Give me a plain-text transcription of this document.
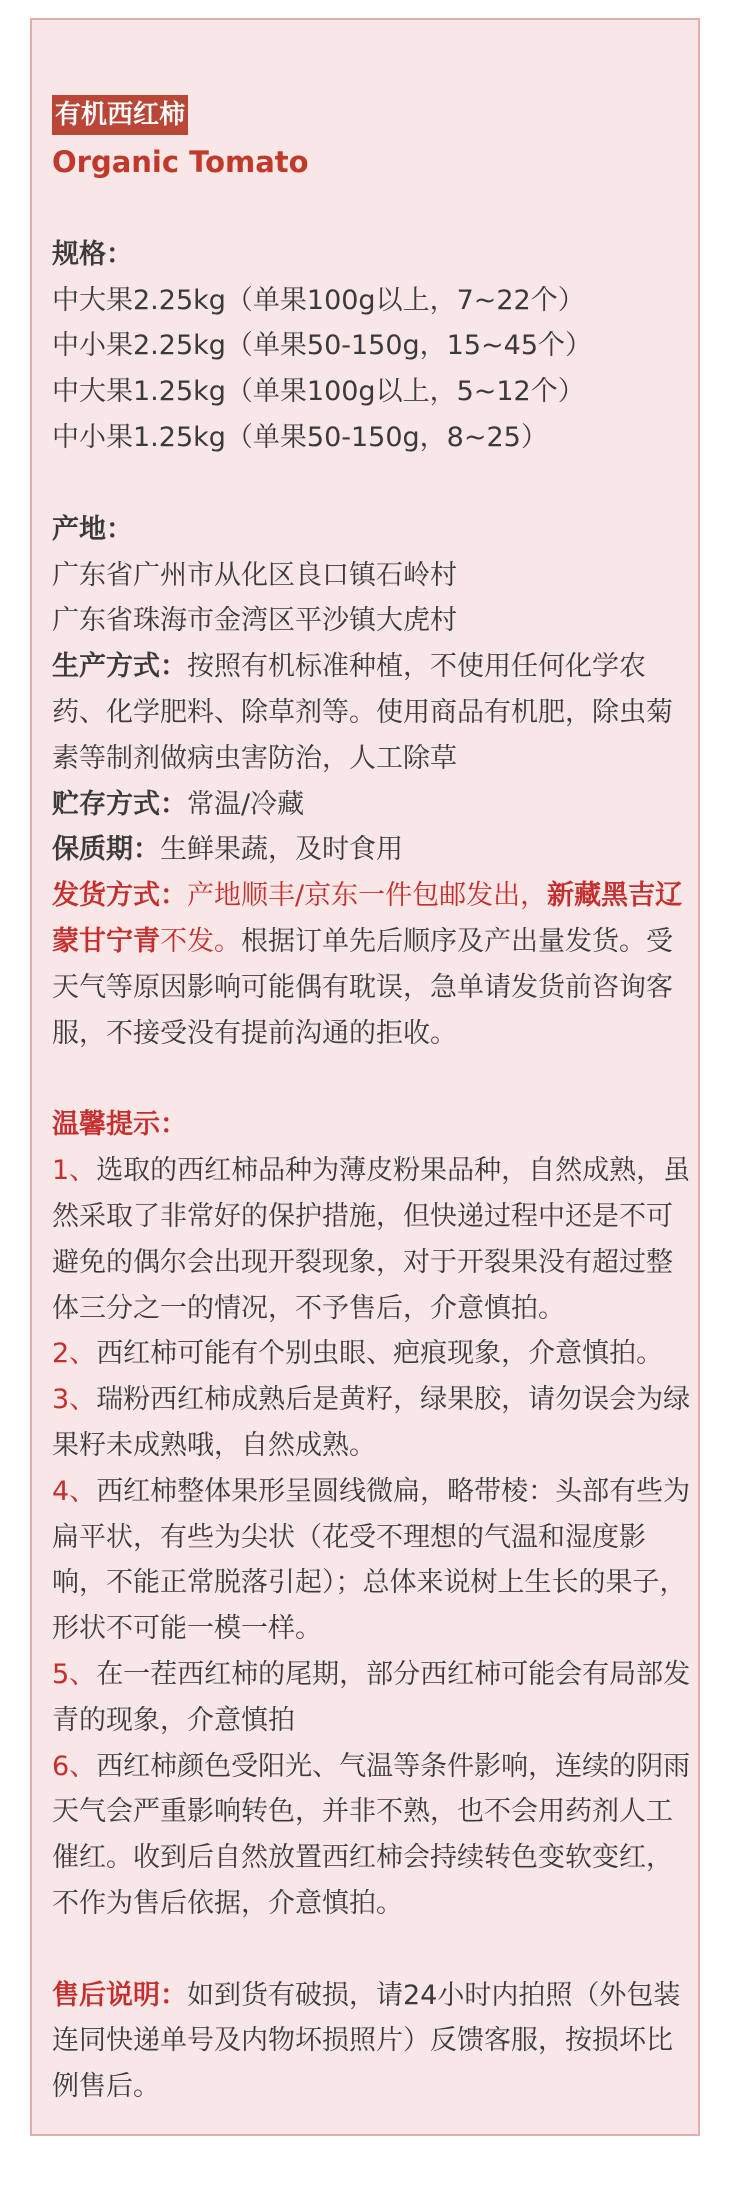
有机西红柿
Organic Tomato

规格：

中大果2.25kg（单果100g以上，7~22个）

中小果2.25kg（单果50-150g，15~45个）

中大果1.25kg（单果100g以上，5~12个）

中小果1.25kg（单果50-150g，8~25）

产地：

广东省广州市从化区良口镇石岭村

广东省珠海市金湾区平沙镇大虎村

生产方式：按照有机标准种植，不使用任何化学农药、化学肥料、除草剂等。使用商品有机肥，除虫菊素等制剂做病虫害防治，人工除草

贮存方式：常温/冷藏

保质期：生鲜果蔬，及时食用

发货方式：产地顺丰/京东一件包邮发出，新藏黑吉辽蒙甘宁青不发。根据订单先后顺序及产出量发货。受天气等原因影响可能偶有耽误，急单请发货前咨询客服，不接受没有提前沟通的拒收。

温馨提示：

1、选取的西红柿品种为薄皮粉果品种，自然成熟，虽然采取了非常好的保护措施，但快递过程中还是不可避免的偶尔会出现开裂现象，对于开裂果没有超过整体三分之一的情况，不予售后，介意慎拍。

2、西红柿可能有个别虫眼、疤痕现象，介意慎拍。

3、瑞粉西红柿成熟后是黄籽，绿果胶，请勿误会为绿果籽未成熟哦，自然成熟。

4、西红柿整体果形呈圆线微扁，略带棱：头部有些为扁平状，有些为尖状（花受不理想的气温和湿度影响，不能正常脱落引起）；总体来说树上生长的果子，形状不可能一模一样。

5、在一茬西红柿的尾期，部分西红柿可能会有局部发青的现象，介意慎拍

6、西红柿颜色受阳光、气温等条件影响，连续的阴雨天气会严重影响转色，并非不熟，也不会用药剂人工催红。收到后自然放置西红柿会持续转色变软变红，不作为售后依据，介意慎拍。

售后说明：如到货有破损，请24小时内拍照（外包装连同快递单号及内物坏损照片）反馈客服，按损坏比例售后。
